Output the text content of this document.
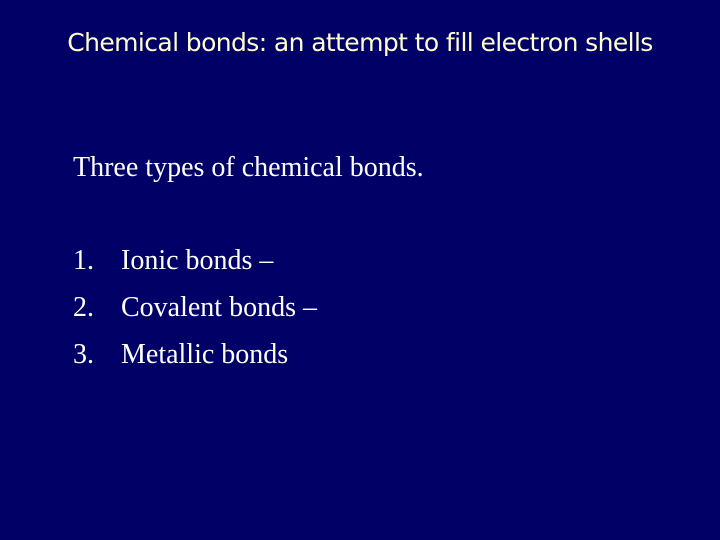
Chemical bonds: an attempt to fill electron shells
Three types of chemical bonds.
1. Ionic bonds –
2. Covalent bonds –
3. Metallic bonds
